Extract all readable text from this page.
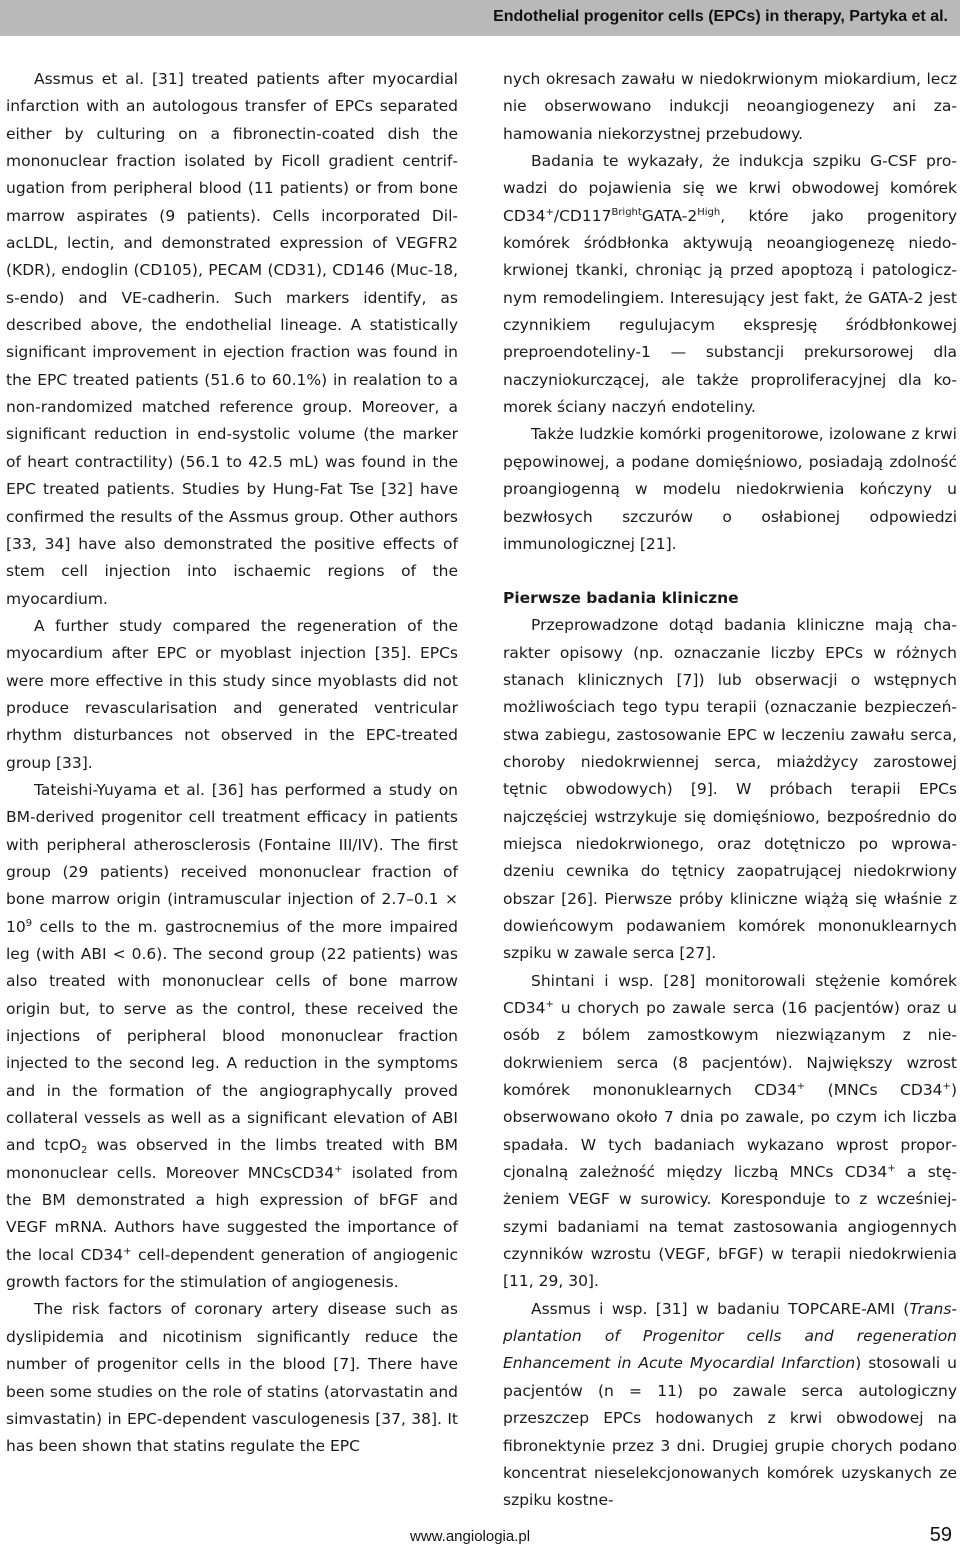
Endothelial progenitor cells (EPCs) in therapy, Partyka et al.

Assmus et al. [31] treated patients after myocardial infarction with an autologous transfer of EPCs separated either by culturing on a fibronectin-coated dish the mononuclear fraction isolated by Ficoll gradient centrifugation from peripheral blood (11 patients) or from bone marrow aspirates (9 patients). Cells incorporated DilacLDL, lectin, and demonstrated expression of VEGFR2 (KDR), endoglin (CD105), PECAM (CD31), CD146 (Muc-18, s-endo) and VE-cadherin. Such markers identify, as described above, the endothelial lineage. A statistically significant improvement in ejection fraction was found in the EPC treated patients (51.6 to 60.1%) in realation to a non-randomized matched reference group. Moreover, a significant reduction in end-systolic volume (the marker of heart contractility) (56.1 to 42.5 mL) was found in the EPC treated patients. Studies by Hung-Fat Tse [32] have confirmed the results of the Assmus group. Other authors [33, 34] have also demonstrated the positive effects of stem cell injection into ischaemic regions of the myocardium.

A further study compared the regeneration of the myocardium after EPC or myoblast injection [35]. EPCs were more effective in this study since myoblasts did not produce revascularisation and generated ventricular rhythm disturbances not observed in the EPC-treated group [33].

Tateishi-Yuyama et al. [36] has performed a study on BM-derived progenitor cell treatment efficacy in patients with peripheral atherosclerosis (Fontaine III/IV). The first group (29 patients) received mononuclear fraction of bone marrow origin (intramuscular injection of $2.7-0.1 \times 10^9$ cells to the m. gastrocnemius of the more impaired leg (with ABI < 0.6). The second group (22 patients) was also treated with mononuclear cells of bone marrow origin but, to serve as the control, these received the injections of peripheral blood mononuclear fraction injected to the second leg. A reduction in the symptoms and in the formation of the angiographycally proved collateral vessels as well as a significant elevation of ABI and tcpO$_2$ was observed in the limbs treated with BM mononuclear cells. Moreover MNCsCD34+ isolated from the BM demonstrated a high expression of bFGF and VEGF mRNA. Authors have suggested the importance of the local CD34+ cell-dependent generation of angiogenic growth factors for the stimulation of angiogenesis.

The risk factors of coronary artery disease such as dyslipidemia and nicotinism significantly reduce the number of progenitor cells in the blood [7]. There have been some studies on the role of statins (atorvastatin and simvastatin) in EPC-dependent vasculogenesis [37, 38]. It has been shown that statins regulate the EPC

nych okresach zawału w niedokrwionym miokardium, lecz nie obserwowano indukcji neoangiogenezy ani zahamowania niekorzystnej przebudowy.

Badania te wykazały, że indukcja szpiku G-CSF prowadzi do pojawienia się we krwi obwodowej komórek $CD34^+/CD117^{Bright}GATA-2^{High}$, które jako progenitory komórek śródbłonka aktywują neoangiogenezę niedokrwionej tkanki, chroniąc ją przed apoptozą i patologicznym remodelingiem. Interesujący jest fakt, że GATA-2 jest czynnikiem regulujacym ekspresję śródbłonkowej preproendoteliny-1 — substancji prekursorowej dla naczyniokurczącej, ale także proproliferacyjnej dla komorek ściany naczyń endoteliny.

Także ludzkie komórki progenitorowe, izolowane z krwi pępowinowej, a podane domięśniowo, posiadają zdolność proangiogenną w modelu niedokrwienia kończyny u bezwłosych szczurów o osłabionej odpowiedzi immunologicznej [21].

Pierwsze badania kliniczne

Przeprowadzone dotąd badania kliniczne mają charakter opisowy (np. oznaczanie liczby EPCs w różnych stanach klinicznych [7]) lub obserwacji o wstępnych możliwościach tego typu terapii (oznaczanie bezpieczeństwa zabiegu, zastosowanie EPC w leczeniu zawału serca, choroby niedokrwiennej serca, miażdżycy zarostowej tętnic obwodowych) [9]. W próbach terapii EPCs najczęściej wstrzykuje się domięśniowo, bezpośrednio do miejsca niedokrwionego, oraz dotętniczo po wprowadzeniu cewnika do tętnicy zaopatrującej niedokrwiony obszar [26]. Pierwsze próby kliniczne wiążą się właśnie z dowieńcowym podawaniem komórek mononuklearnych szpiku w zawale serca [27].

Shintani i wsp. [28] monitorowali stężenie komórek CD34+ u chorych po zawale serca (16 pacjentów) oraz u osób z bólem zamostkowym niezwiązanym z niedokrwieniem serca (8 pacjentów). Największy wzrost komórek mononuklearnych CD34+ (MNCs CD34+) obserwowano około 7 dnia po zawale, po czym ich liczba spadała. W tych badaniach wykazano wprost proporcjonalną zależność między liczbą MNCs CD34+ a stężeniem VEGF w surowicy. Koresponduje to z wcześniejszymi badaniami na temat zastosowania angiogennych czynników wzrostu (VEGF, bFGF) w terapii niedokrwienia [11, 29, 30].

Assmus i wsp. [31] w badaniu TOPCARE-AMI (Transplantation of Progenitor cells and regeneration Enhancement in Acute Myocardial Infarction) stosowali u pacjentów (n = 11) po zawale serca autologiczny przeszczep EPCs hodowanych z krwi obwodowej na fibronektynie przez 3 dni. Drugiej grupie chorych podano koncentrat nieselekcjonowanych komórek uzyskanych ze szpiku kostne-

www.angiologia.pl	59
